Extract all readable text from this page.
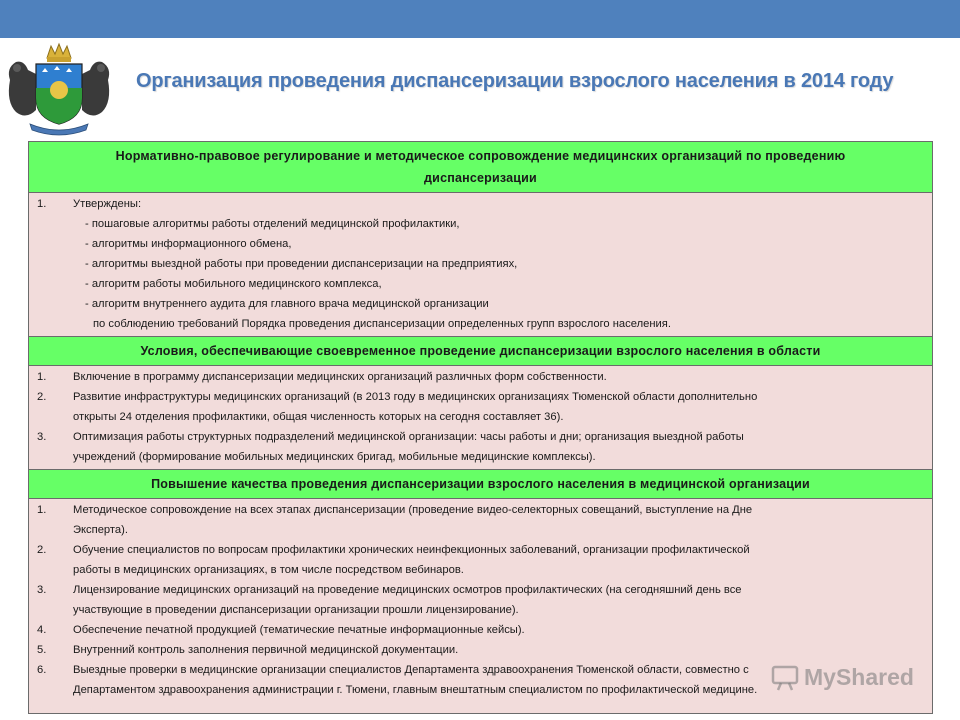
Организация проведения диспансеризации взрослого населения в 2014 году
Нормативно-правовое регулирование и методическое сопровождение медицинских организаций по проведению
диспансеризации
1.	Утверждены:
- пошаговые алгоритмы работы отделений медицинской профилактики,
- алгоритмы информационного обмена,
- алгоритмы выездной работы при проведении диспансеризации на предприятиях,
- алгоритм работы мобильного медицинского комплекса,
- алгоритм внутреннего аудита для главного врача медицинской организации
по соблюдению требований Порядка проведения диспансеризации определенных групп взрослого населения.
Условия, обеспечивающие своевременное проведение диспансеризации взрослого населения в области
1.	Включение в программу диспансеризации медицинских организаций различных форм собственности.
2.	Развитие инфраструктуры медицинских организаций (в 2013 году в медицинских организациях Тюменской области дополнительно
открыты 24 отделения профилактики, общая численность которых на сегодня составляет 36).
3.	Оптимизация работы структурных подразделений медицинской организации: часы работы и дни; организация выездной работы
учреждений (формирование мобильных медицинских бригад, мобильные медицинские комплексы).
Повышение качества проведения диспансеризации взрослого населения в медицинской организации
1.	Методическое сопровождение на всех этапах диспансеризации (проведение видео-селекторных совещаний, выступление на Дне
Эксперта).
2.	Обучение специалистов по вопросам профилактики хронических неинфекционных заболеваний, организации профилактической
работы в медицинских организациях, в том числе посредством вебинаров.
3.	Лицензирование медицинских организаций на проведение медицинских осмотров профилактических (на сегодняшний день все
участвующие в проведении диспансеризации организации прошли лицензирование).
4.	Обеспечение печатной продукцией (тематические печатные информационные кейсы).
5.	Внутренний контроль заполнения первичной медицинской документации.
6.	Выездные проверки в медицинские организации специалистов Департамента здравоохранения Тюменской области, совместно с
Департаментом здравоохранения администрации г. Тюмени, главным внештатным специалистом по профилактической медицине.
MyShared
